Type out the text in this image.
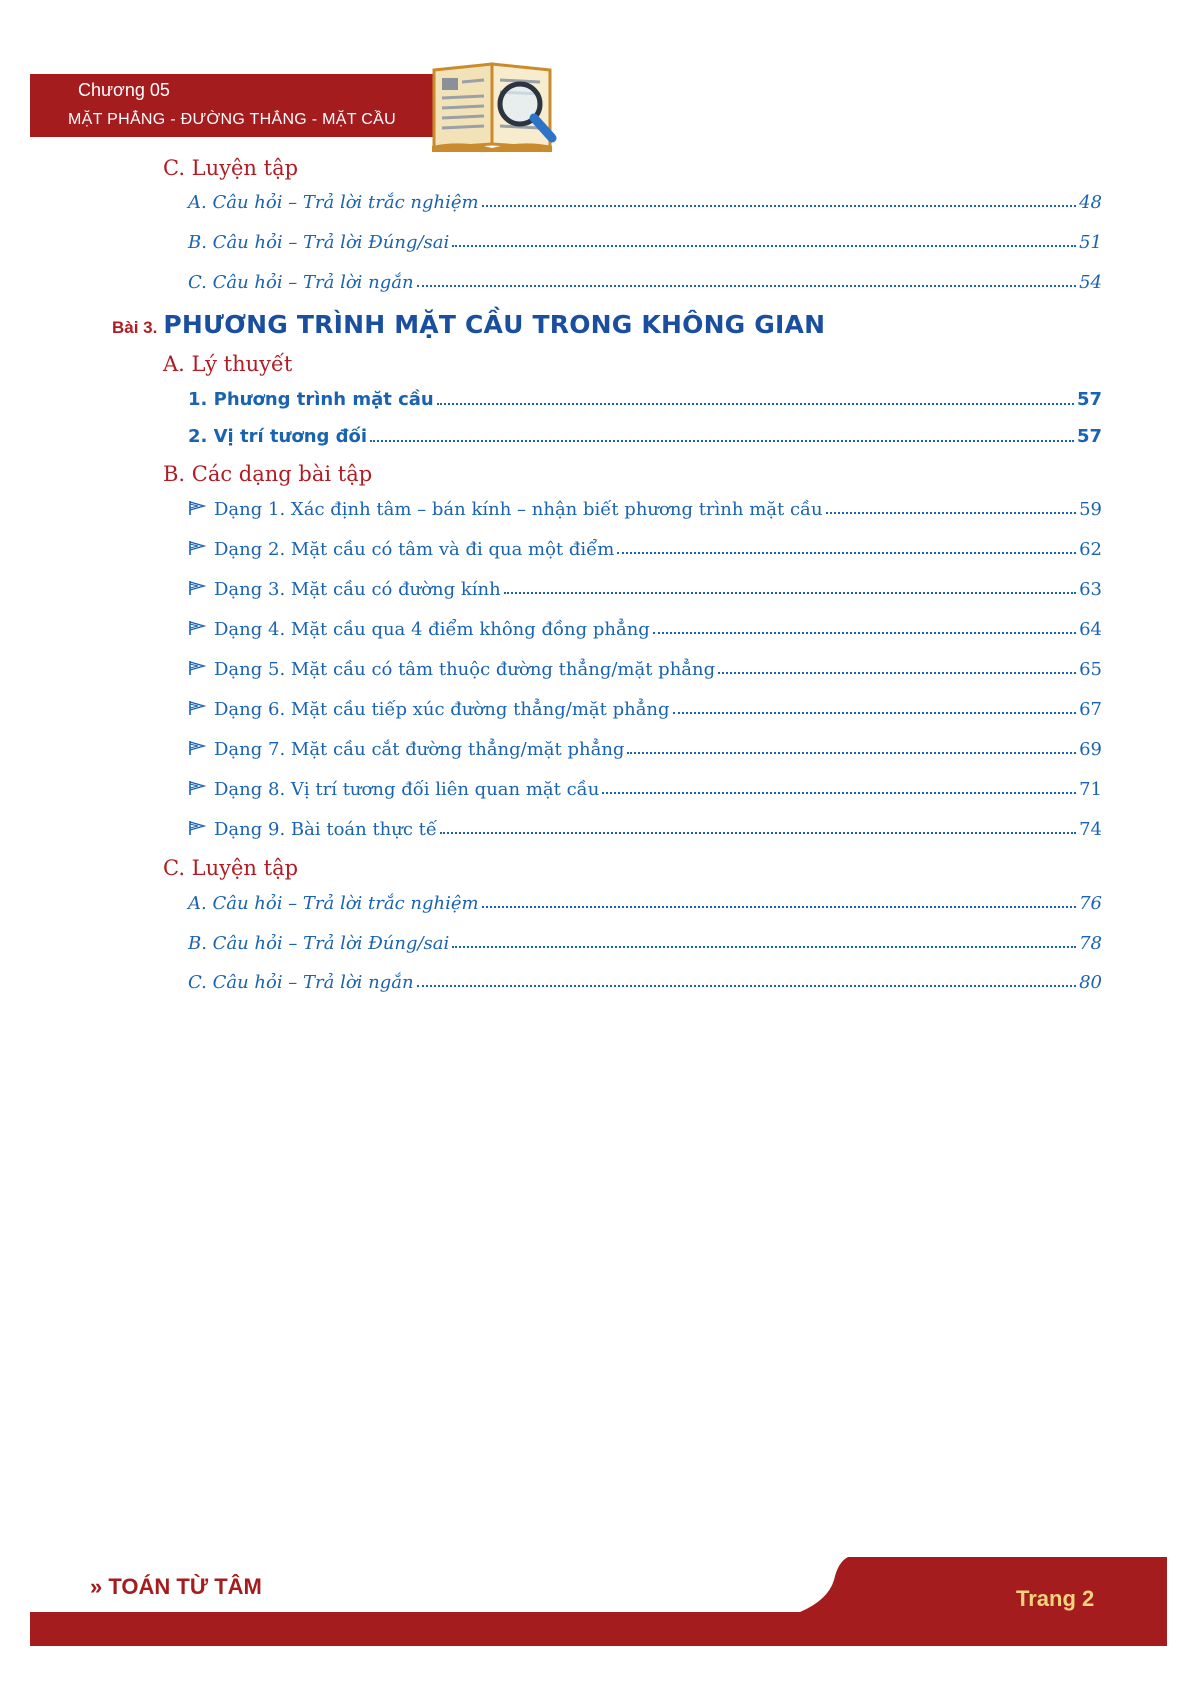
Chương 05
MẶT PHẲNG - ĐƯỜNG THẲNG - MẶT CẦU
C. Luyện tập
A. Câu hỏi – Trả lời trắc nghiệm	48
B. Câu hỏi – Trả lời Đúng/sai	51
C. Câu hỏi – Trả lời ngắn	54
Bài 3. PHƯƠNG TRÌNH MẶT CẦU TRONG KHÔNG GIAN
A. Lý thuyết
1. Phương trình mặt cầu	57
2. Vị trí tương đối	57
B. Các dạng bài tập
Dạng 1. Xác định tâm – bán kính – nhận biết phương trình mặt cầu	59
Dạng 2. Mặt cầu có tâm và đi qua một điểm	62
Dạng 3. Mặt cầu có đường kính	63
Dạng 4. Mặt cầu qua 4 điểm không đồng phẳng	64
Dạng 5. Mặt cầu có tâm thuộc đường thẳng/mặt phẳng	65
Dạng 6. Mặt cầu tiếp xúc đường thẳng/mặt phẳng	67
Dạng 7. Mặt cầu cắt đường thẳng/mặt phẳng	69
Dạng 8. Vị trí tương đối liên quan mặt cầu	71
Dạng 9. Bài toán thực tế	74
C. Luyện tập
A. Câu hỏi – Trả lời trắc nghiệm	76
B. Câu hỏi – Trả lời Đúng/sai	78
C. Câu hỏi – Trả lời ngắn	80
» TOÁN TỪ TÂM	Trang 2
